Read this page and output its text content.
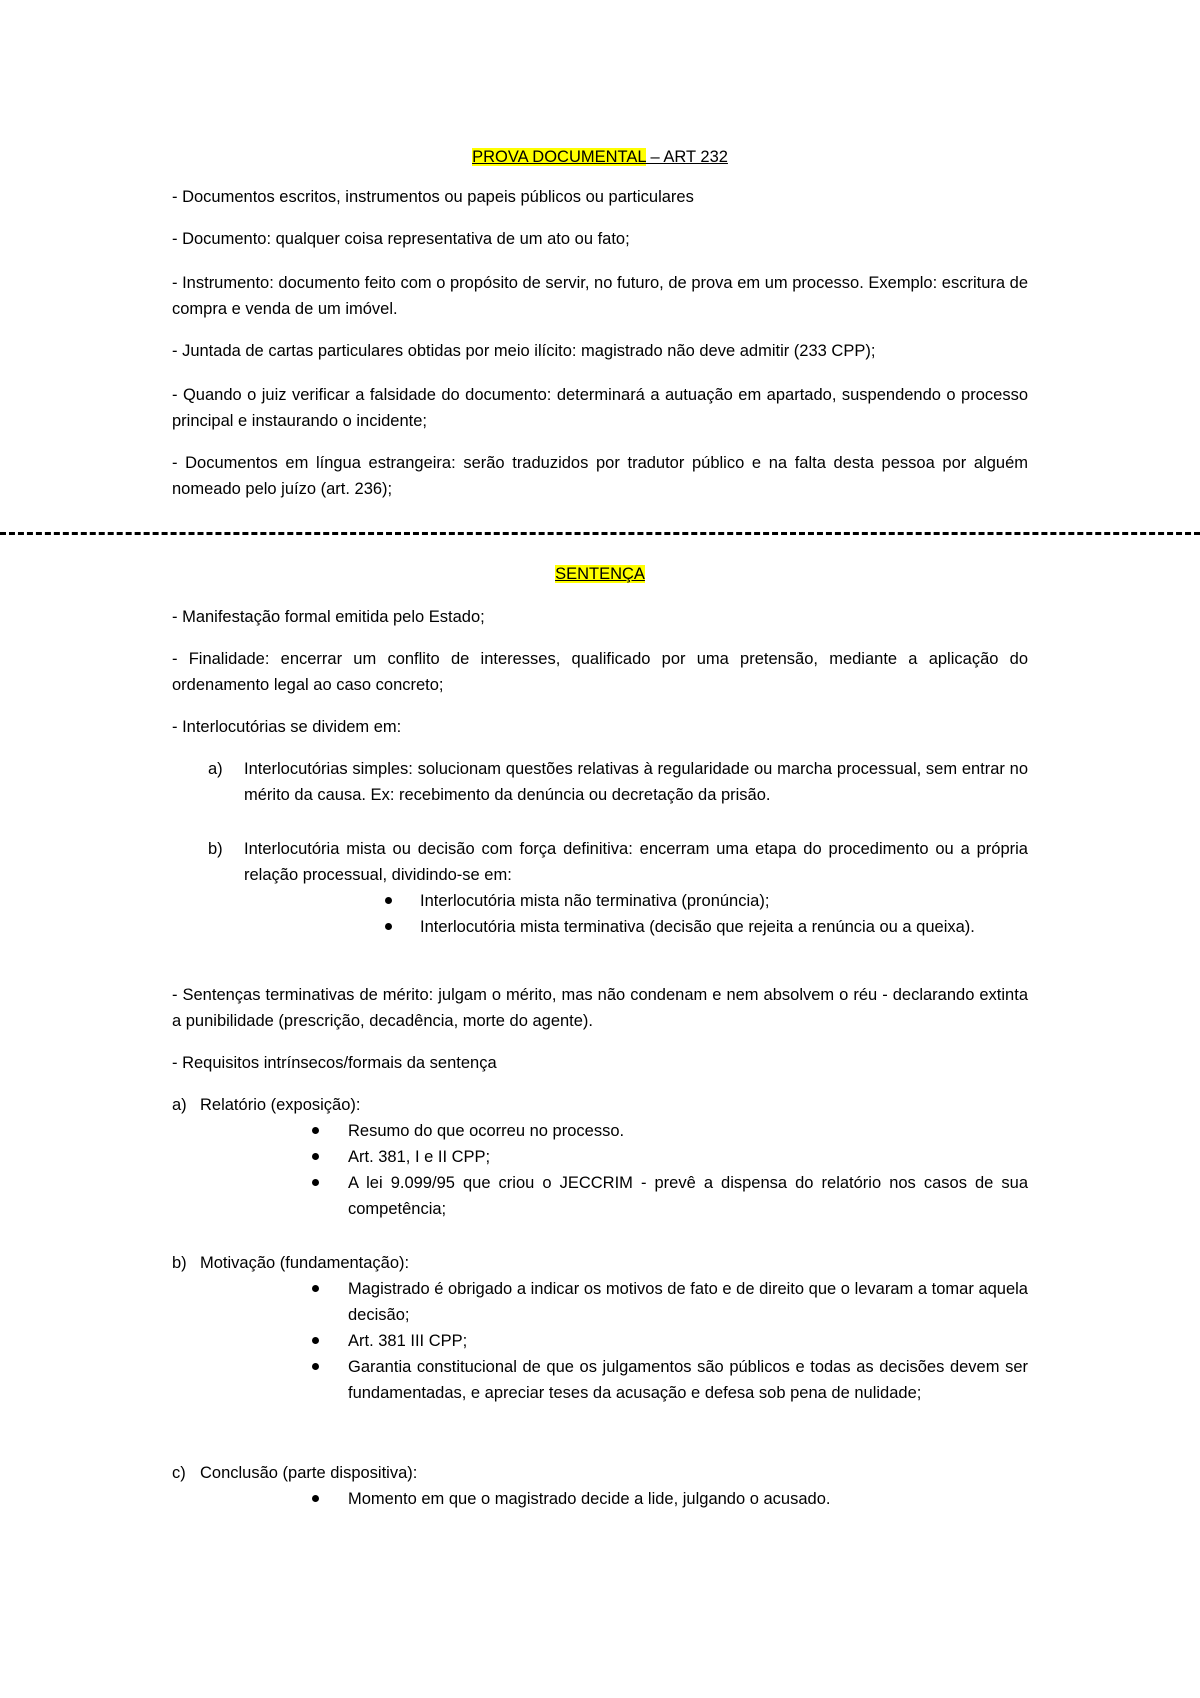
PROVA DOCUMENTAL – ART 232

- Documentos escritos, instrumentos ou papeis públicos ou particulares

- Documento: qualquer coisa representativa de um ato ou fato;

- Instrumento: documento feito com o propósito de servir, no futuro, de prova em um processo. Exemplo: escritura de compra e venda de um imóvel.

- Juntada de cartas particulares obtidas por meio ilícito: magistrado não deve admitir (233 CPP);

- Quando o juiz verificar a falsidade do documento: determinará a autuação em apartado, suspendendo o processo principal e instaurando o incidente;

- Documentos em língua estrangeira: serão traduzidos por tradutor público e na falta desta pessoa por alguém nomeado pelo juízo (art. 236);

SENTENÇA

- Manifestação formal emitida pelo Estado;

- Finalidade: encerrar um conflito de interesses, qualificado por uma pretensão, mediante a aplicação do ordenamento legal ao caso concreto;

- Interlocutórias se dividem em:

a) Interlocutórias simples: solucionam questões relativas à regularidade ou marcha processual, sem entrar no mérito da causa. Ex: recebimento da denúncia ou decretação da prisão.

b) Interlocutória mista ou decisão com força definitiva: encerram uma etapa do procedimento ou a própria relação processual, dividindo-se em:

Interlocutória mista não terminativa (pronúncia);

Interlocutória mista terminativa (decisão que rejeita a renúncia ou a queixa).

- Sentenças terminativas de mérito: julgam o mérito, mas não condenam e nem absolvem o réu - declarando extinta a punibilidade (prescrição, decadência, morte do agente).

- Requisitos intrínsecos/formais da sentença

a) Relatório (exposição):

Resumo do que ocorreu no processo.

Art. 381, I e II CPP;

A lei 9.099/95 que criou o JECCRIM - prevê a dispensa do relatório nos casos de sua competência;

b) Motivação (fundamentação):

Magistrado é obrigado a indicar os motivos de fato e de direito que o levaram a tomar aquela decisão;

Art. 381 III CPP;

Garantia constitucional de que os julgamentos são públicos e todas as decisões devem ser fundamentadas, e apreciar teses da acusação e defesa sob pena de nulidade;

c) Conclusão (parte dispositiva):

Momento em que o magistrado decide a lide, julgando o acusado.
